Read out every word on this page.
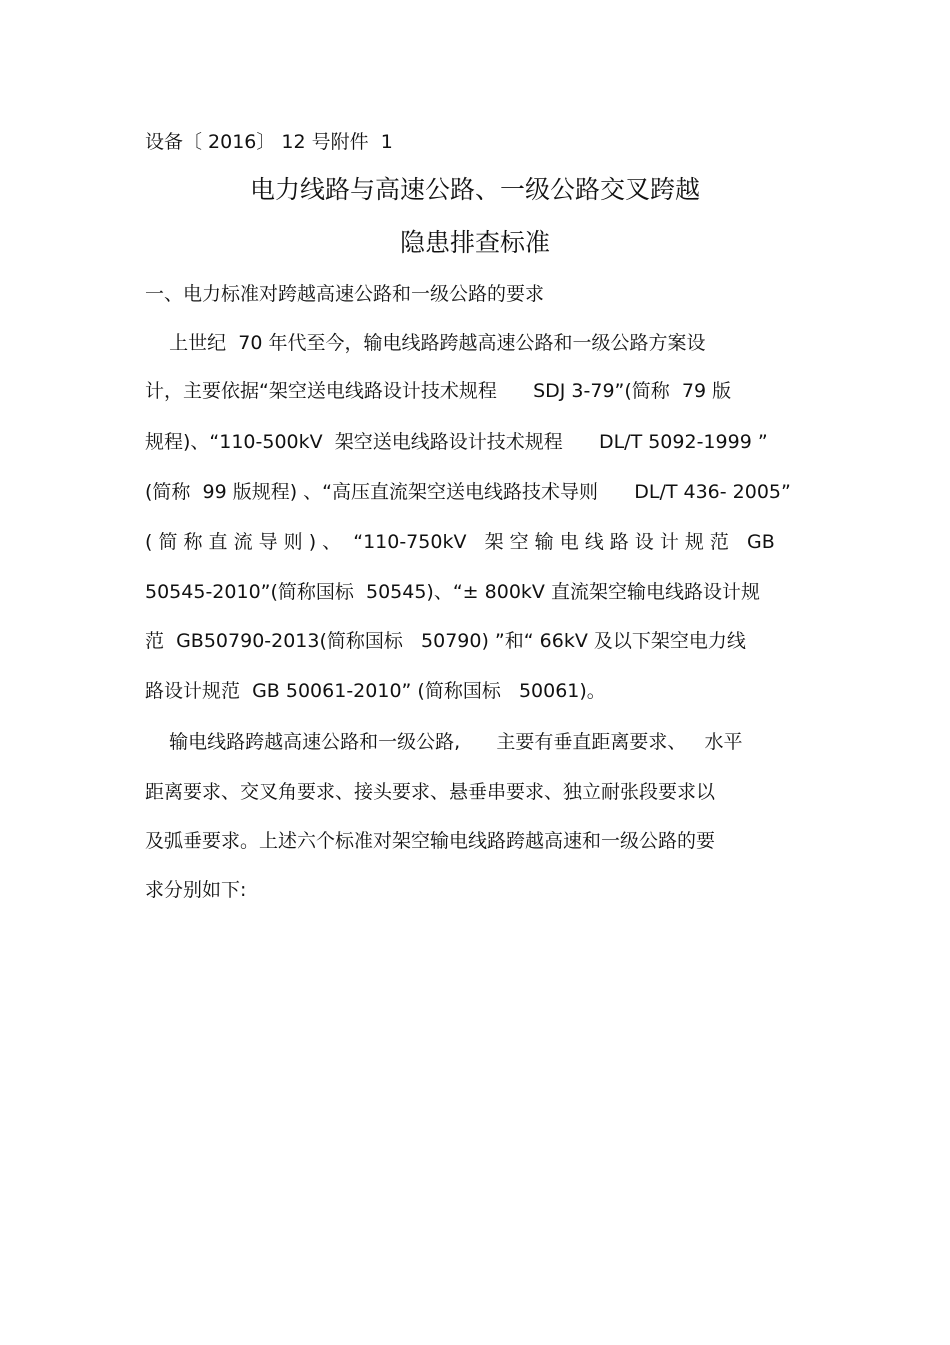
设备〔 2016〕 12 号附件  1
电力线路与高速公路、一级公路交叉跨越
隐患排查标准
一、电力标准对跨越高速公路和一级公路的要求
上世纪  70 年代至今，输电线路跨越高速公路和一级公路方案设
计，主要依据“架空送电线路设计技术规程      SDJ 3-79”(简称  79 版
规程)、“110-500kV  架空送电线路设计技术规程      DL/T 5092-1999 ”
(简称  99 版规程) 、“高压直流架空送电线路技术导则      DL/T 436- 2005”
( 简 称 直 流 导 则 ) 、  “110-750kV   架 空 输 电 线 路 设 计 规 范   GB
50545-2010”(简称国标  50545)、“± 800kV 直流架空输电线路设计规
范  GB50790-2013(简称国标   50790) ”和“ 66kV 及以下架空电力线
路设计规范  GB 50061-2010” (简称国标   50061)。
输电线路跨越高速公路和一级公路,      主要有垂直距离要求、   水平
距离要求、交叉角要求、接头要求、悬垂串要求、独立耐张段要求以
及弧垂要求。上述六个标准对架空输电线路跨越高速和一级公路的要
求分别如下:
